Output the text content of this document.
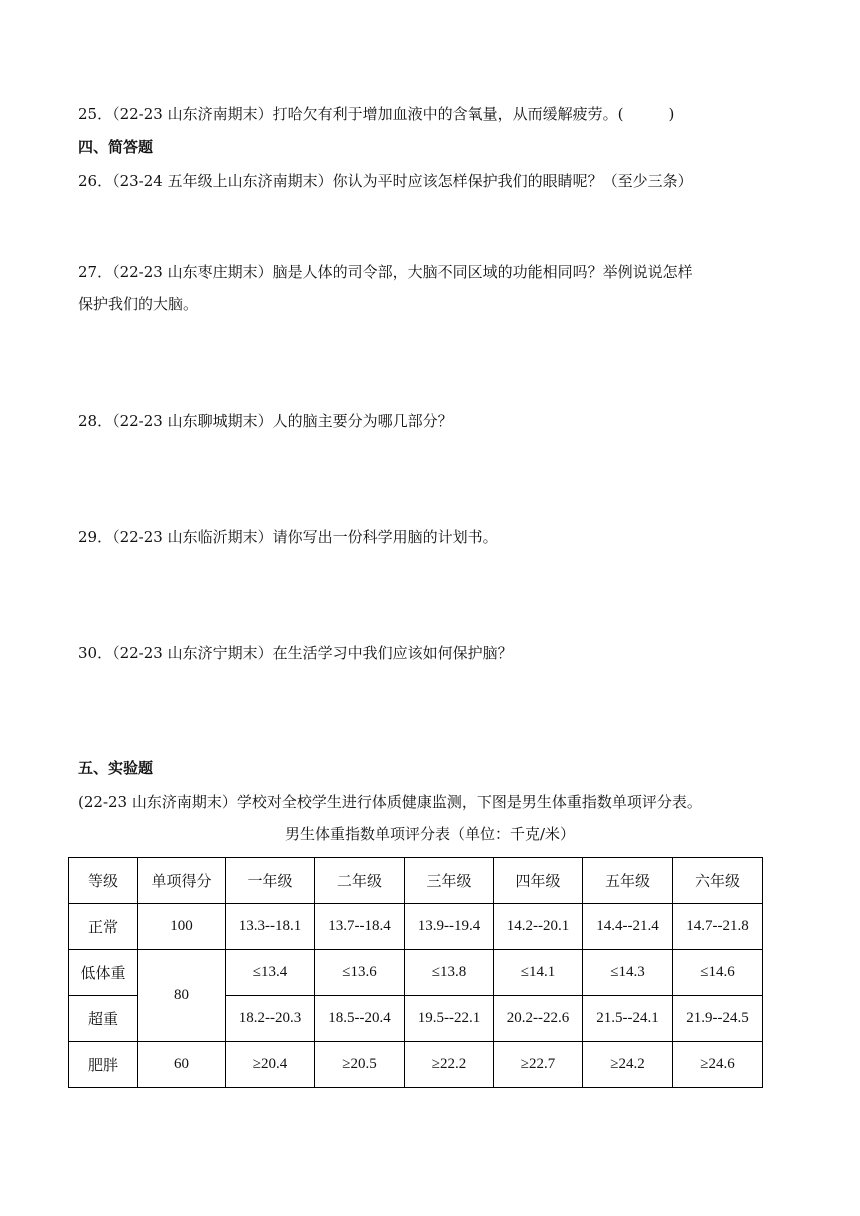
25．（22-23 山东济南期末）打哈欠有利于增加血液中的含氧量，从而缓解疲劳。(　　　)
四、简答题
26．（23-24 五年级上山东济南期末）你认为平时应该怎样保护我们的眼睛呢？（至少三条）
27．（22-23 山东枣庄期末）脑是人体的司令部，大脑不同区域的功能相同吗？举例说说怎样
保护我们的大脑。
28．（22-23 山东聊城期末）人的脑主要分为哪几部分？
29．（22-23 山东临沂期末）请你写出一份科学用脑的计划书。
30．（22-23 山东济宁期末）在生活学习中我们应该如何保护脑？
五、实验题
(22-23 山东济南期末）学校对全校学生进行体质健康监测，下图是男生体重指数单项评分表。
男生体重指数单项评分表（单位：千克/米）
等级	单项得分	一年级	二年级	三年级	四年级	五年级	六年级
正常	100	13.3--18.1	13.7--18.4	13.9--19.4	14.2--20.1	14.4--21.4	14.7--21.8
低体重	80	≤13.4	≤13.6	≤13.8	≤14.1	≤14.3	≤14.6
超重		18.2--20.3	18.5--20.4	19.5--22.1	20.2--22.6	21.5--24.1	21.9--24.5
肥胖	60	≥20.4	≥20.5	≥22.2	≥22.7	≥24.2	≥24.6
